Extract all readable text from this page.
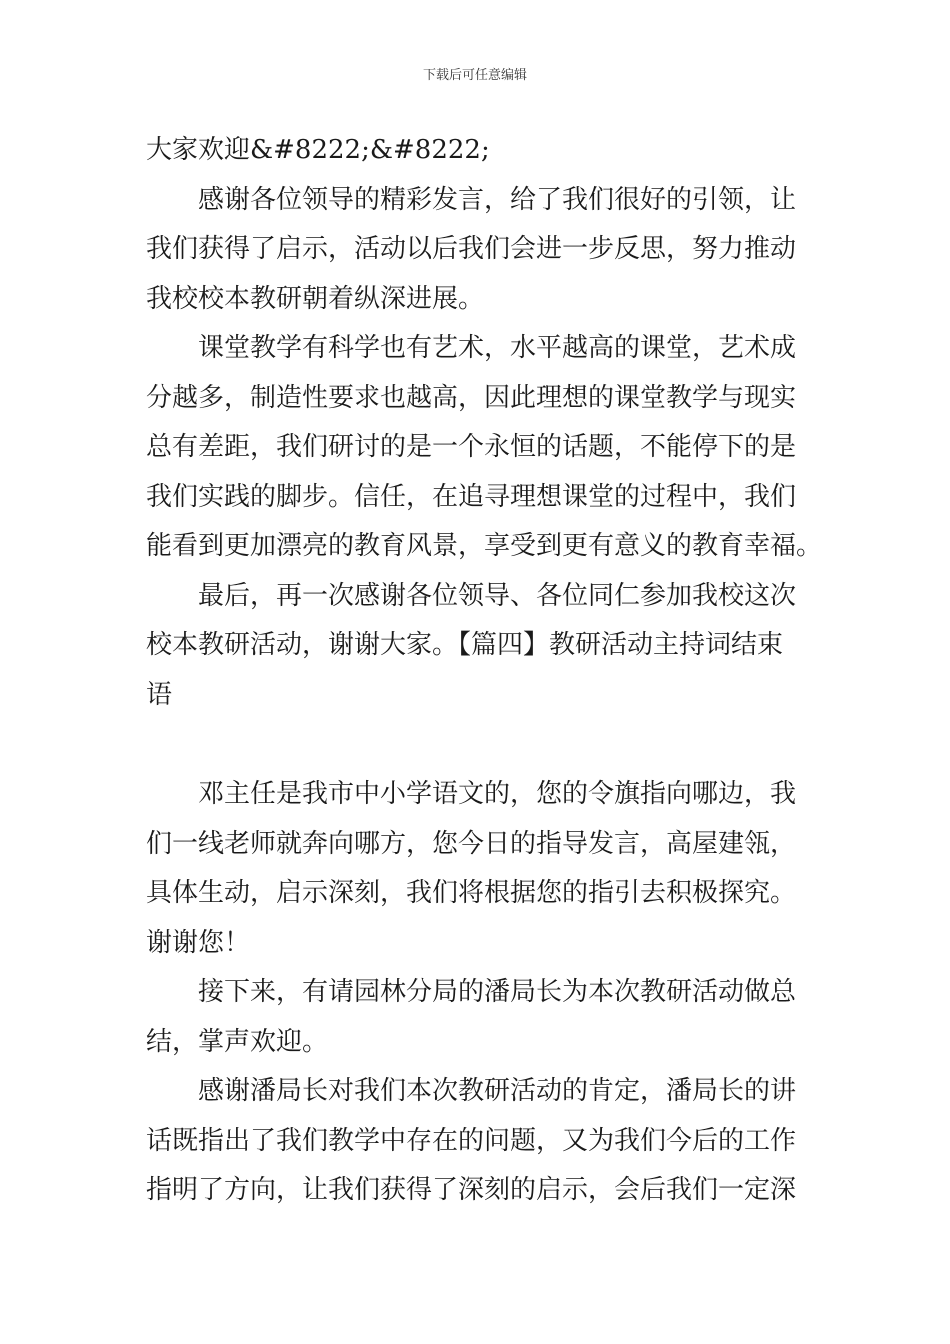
下载后可任意编辑
大家欢迎&#8222;&#8222;
感谢各位领导的精彩发言，给了我们很好的引领，让
我们获得了启示，活动以后我们会进一步反思，努力推动
我校校本教研朝着纵深进展。
课堂教学有科学也有艺术，水平越高的课堂，艺术成
分越多，制造性要求也越高，因此理想的课堂教学与现实
总有差距，我们研讨的是一个永恒的话题，不能停下的是
我们实践的脚步。信任，在追寻理想课堂的过程中，我们
能看到更加漂亮的教育风景，享受到更有意义的教育幸福。
最后，再一次感谢各位领导、各位同仁参加我校这次
校本教研活动，谢谢大家。【篇四】教研活动主持词结束
语
邓主任是我市中小学语文的，您的令旗指向哪边，我
们一线老师就奔向哪方，您今日的指导发言，高屋建瓴，
具体生动，启示深刻，我们将根据您的指引去积极探究。
谢谢您！
接下来，有请园林分局的潘局长为本次教研活动做总
结，掌声欢迎。
感谢潘局长对我们本次教研活动的肯定，潘局长的讲
话既指出了我们教学中存在的问题，又为我们今后的工作
指明了方向，让我们获得了深刻的启示，会后我们一定深
